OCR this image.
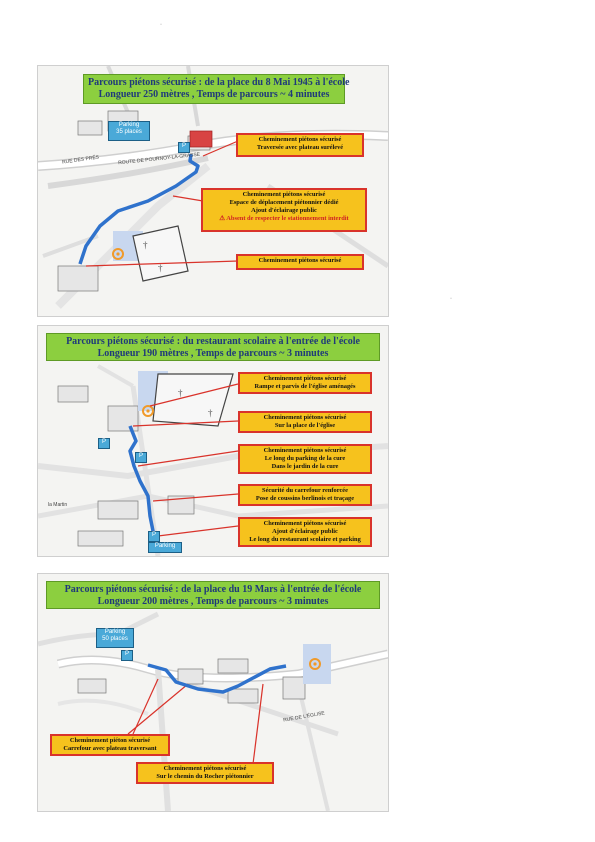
·
·
†
†
Parcours piétons sécurisé : de la place du 8 Mai 1945 à l'école
Longueur 250 mètres , Temps de parcours ~ 4 minutes
Parking
35 places
P
RUE DES PRÉS	ROUTE DE POURNOY-LA-GRASSE
Cheminement piétons sécurisé
Traversée avec plateau surélevé
Cheminement piétons sécurisé
Espace de déplacement piétonnier dédié
Ajout d'éclairage public
⚠ Absent de respecter le stationnement interdit
Cheminement piétons sécurisé
†
†
Parcours piétons sécurisé : du restaurant scolaire à l'entrée de l'école
Longueur 190 mètres , Temps de parcours ~ 3 minutes
P
P
P
Parking
la Martin
Cheminement piétons sécurisé
Rampe et parvis de l'église aménagés
Cheminement piétons sécurisé
Sur la place de l'église
Cheminement piétons sécurisé
Le long du parking de la cure
Dans le jardin de la cure
Sécurité du carrefour renforcée
Pose de coussins berlinois et traçage
Cheminement piétons sécurisé
Ajout d'éclairage public
Le long du restaurant scolaire et parking
Parcours piétons sécurisé : de la place du 19 Mars à l'entrée de l'école
Longueur 200 mètres , Temps de parcours ~ 3 minutes
Parking
50 places
P
RUE DE L'ÉGLISE
Cheminement piéton sécurisé
Carrefour avec plateau traversant
Cheminement piétons sécurisé
Sur le chemin du Rocher piétonnier
